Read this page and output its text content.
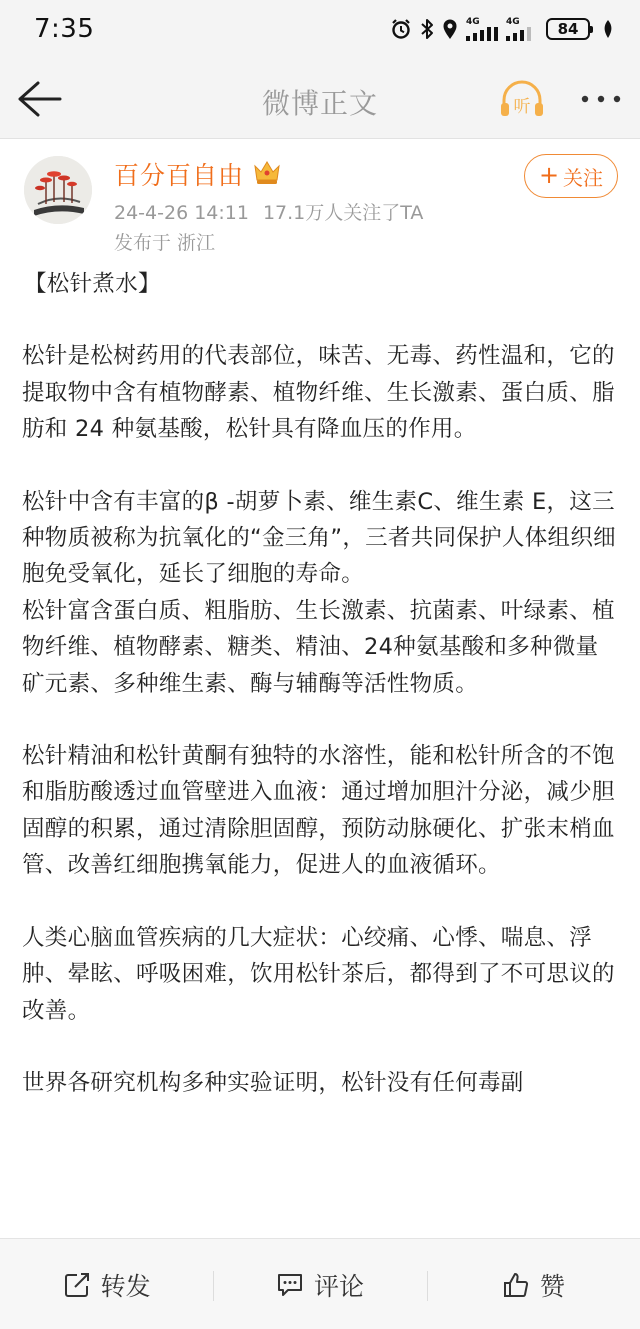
7:35	4G	4G	84
微博正文	听
百分百自由
24-4-26 14:11 17.1万人关注了TA
发布于 浙江
+ 关注

【松针煮水】

松针是松树药用的代表部位，味苦、无毒、药性温和，它的提取物中含有植物酵素、植物纤维、生长激素、蛋白质、脂肪和 24 种氨基酸，松针具有降血压的作用。

松针中含有丰富的β -胡萝卜素、维生素C、维生素 E，这三种物质被称为抗氧化的“金三角”，三者共同保护人体组织细胞免受氧化，延长了细胞的寿命。

松针富含蛋白质、粗脂肪、生长激素、抗菌素、叶绿素、植物纤维、植物酵素、糖类、精油、24种氨基酸和多种微量矿元素、多种维生素、酶与辅酶等活性物质。

松针精油和松针黄酮有独特的水溶性，能和松针所含的不饱和脂肪酸透过血管壁进入血液：通过增加胆汁分泌，减少胆固醇的积累，通过清除胆固醇，预防动脉硬化、扩张末梢血管、改善红细胞携氧能力，促进人的血液循环。

人类心脑血管疾病的几大症状：心绞痛、心悸、喘息、浮肿、晕眩、呼吸困难，饮用松针茶后，都得到了不可思议的改善。

世界各研究机构多种实验证明，松针没有任何毒副

转发	评论	赞
